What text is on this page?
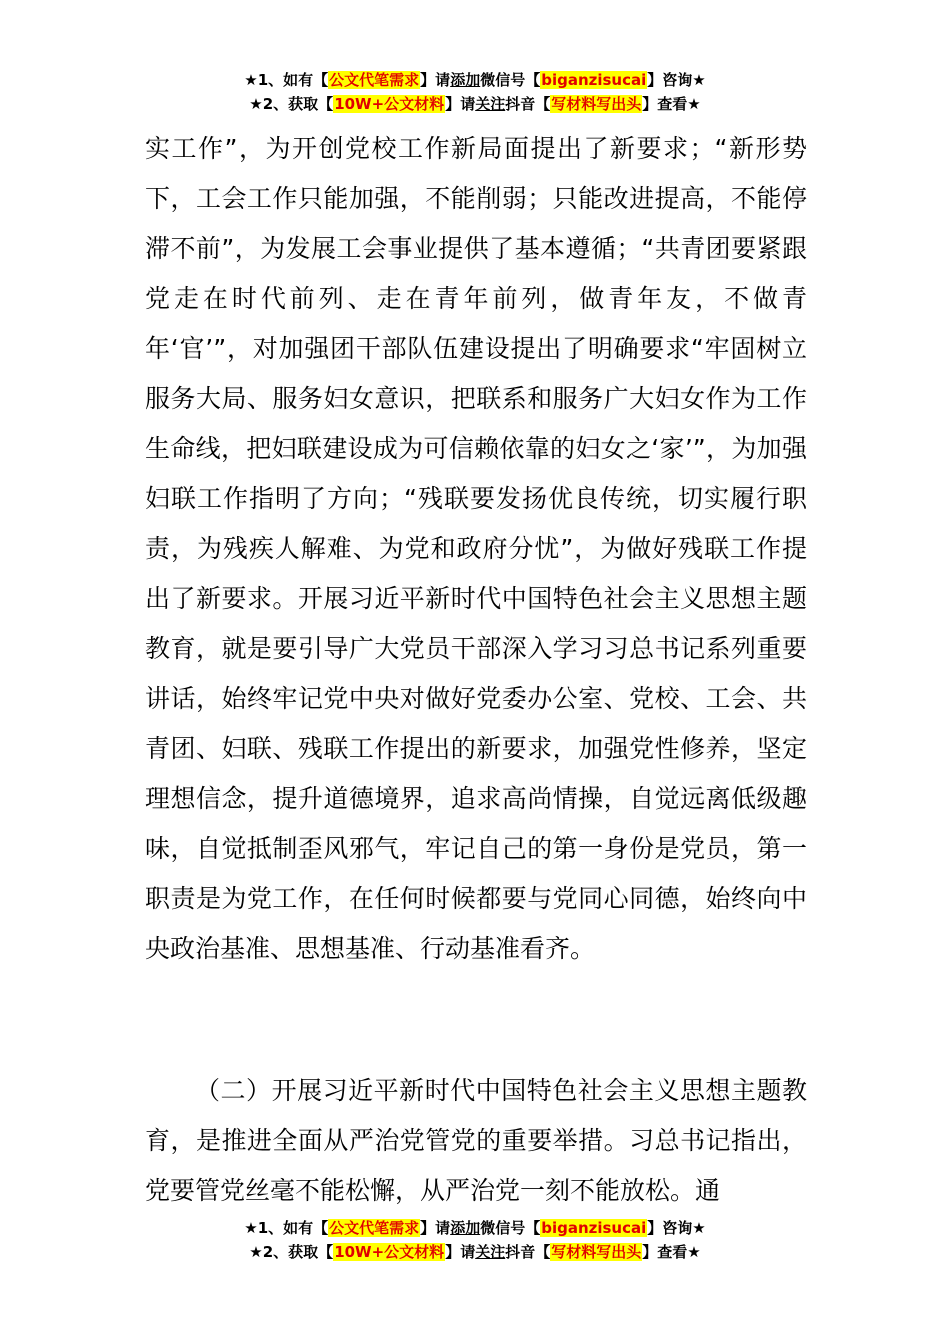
★1、如有【公文代笔需求】请添加微信号【biganzisucai】咨询★
★2、获取【10W+公文材料】请关注抖音【写材料写出头】查看★

实工作”，为开创党校工作新局面提出了新要求；“新形势下，工会工作只能加强，不能削弱；只能改进提高，不能停滞不前”，为发展工会事业提供了基本遵循；“共青团要紧跟党走在时代前列、走在青年前列，做青年友，不做青年‘官’”，对加强团干部队伍建设提出了明确要求“牢固树立服务大局、服务妇女意识，把联系和服务广大妇女作为工作生命线，把妇联建设成为可信赖依靠的妇女之‘家’”，为加强妇联工作指明了方向；“残联要发扬优良传统，切实履行职责，为残疾人解难、为党和政府分忧”，为做好残联工作提出了新要求。开展习近平新时代中国特色社会主义思想主题教育，就是要引导广大党员干部深入学习习总书记系列重要讲话，始终牢记党中央对做好党委办公室、党校、工会、共青团、妇联、残联工作提出的新要求，加强党性修养，坚定理想信念，提升道德境界，追求高尚情操，自觉远离低级趣味，自觉抵制歪风邪气，牢记自己的第一身份是党员，第一职责是为党工作，在任何时候都要与党同心同德，始终向中央政治基准、思想基准、行动基准看齐。

（二）开展习近平新时代中国特色社会主义思想主题教育，是推进全面从严治党管党的重要举措。习总书记指出，党要管党丝毫不能松懈，从严治党一刻不能放松。通

★1、如有【公文代笔需求】请添加微信号【biganzisucai】咨询★
★2、获取【10W+公文材料】请关注抖音【写材料写出头】查看★
